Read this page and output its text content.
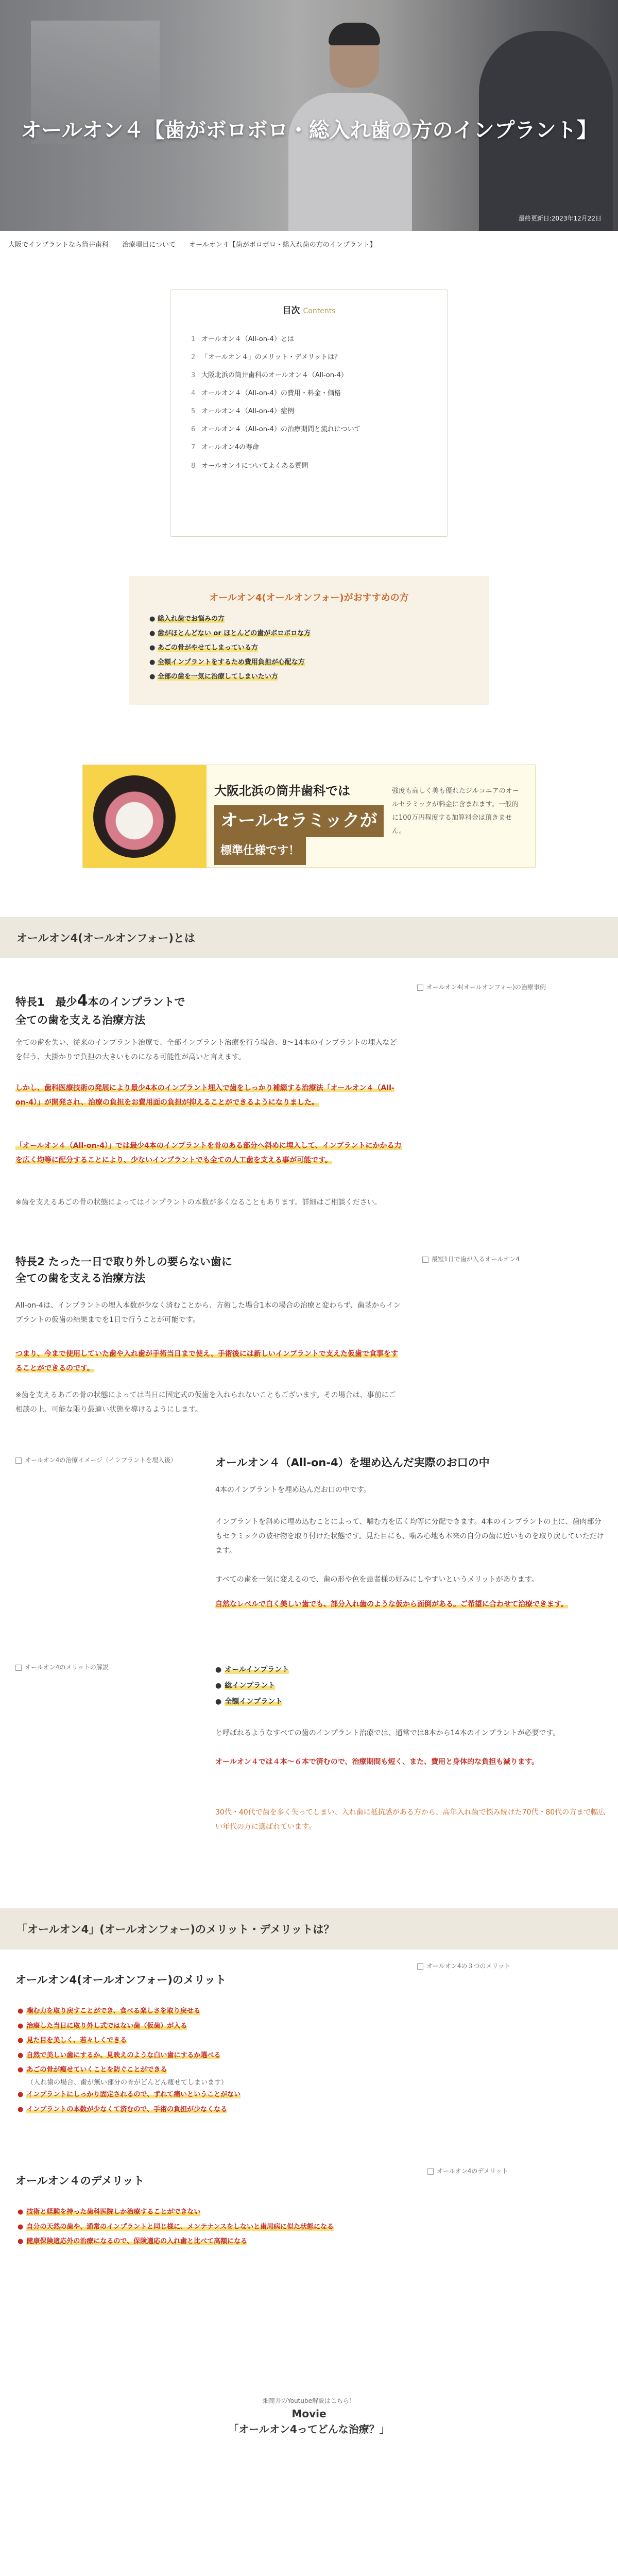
オールオン４【歯がボロボロ・総入れ歯の方のインプラント】
最終更新日:2023年12月22日
大阪でインプラントなら筒井歯科 治療項目について オールオン４【歯がボロボロ・総入れ歯の方のインプラント】
目次 Contents
1 オールオン４（All-on-4）とは
2 「オールオン４」のメリット・デメリットは？
3 大阪北浜の筒井歯科のオールオン４（All-on-4）
4 オールオン４（All-on-4）の費用・料金・価格
5 オールオン４（All-on-4）症例
6 オールオン４（All-on-4）の治療期間と流れについて
7 オールオン4の寿命
8 オールオン４についてよくある質問
オールオン4(オールオンフォー)がおすすめの方
● 総入れ歯でお悩みの方
● 歯がほとんどない or ほとんどの歯がボロボロな方
● あごの骨がやせてしまっている方
● 全額インプラントをするため費用負担が心配な方
● 全部の歯を一気に治療してしまいたい方
大阪北浜の筒井歯科では
オールセラミックが
標準仕様です！
強度も高しく美も優れたジルコニアのオールセラミックが料金に含まれます。一般的に100万円程度する加算料金は頂きません。
オールオン4(オールオンフォー)とは
特長1　最少4本のインプラントで
全ての歯を支える治療方法
オールオン4(オールオンフォー)の治療事例
全ての歯を失い、従来のインプラント治療で、全部インプラント治療を行う場合、8〜14本のインプラントの埋入などを伴う、大掛かりで負担の大きいものになる可能性が高いと言えます。
しかし、歯科医療技術の発展により最少4本のインプラント埋入で歯をしっかり補綴する治療法「オールオン４（All-on-4）」が開発され、治療の負担をお費用面の負担が抑えることができるようになりました。
「オールオン４（All-on-4）」では最少4本のインプラントを骨のある部分へ斜めに埋入して、インプラントにかかる力を広く均等に配分することにより、少ないインプラントでも全ての人工歯を支える事が可能です。
※歯を支えるあごの骨の状態によってはインプラントの本数が多くなることもあります。詳細はご相談ください。
特長2 たった一日で取り外しの要らない歯に
全ての歯を支える治療方法
最短1日で歯が入るオールオン4
All-on-4は、インプラントの埋入本数が少なく済むことから、方術した場合1本の場合の治療と変わらず、歯茎からインプラントの仮歯の結果までを1日で行うことが可能です。
つまり、今まで使用していた歯や入れ歯が手術当日まで使え、手術後には新しいインプラントで支えた仮歯で食事をすることができるのです。
※歯を支えるあごの骨の状態によっては当日に固定式の仮歯を入れられないこともございます。その場合は、事前にご相談の上、可能な限り最適い状態を導けるようにします。
オールオン4の治療イメージ（インプラントを埋入後）	オールオン４（All-on-4）を埋め込んだ実際のお口の中
4本のインプラントを埋め込んだお口の中です。
インプラントを斜めに埋め込むことによって、噛む力を広く均等に分配できます。4本のインプラントの上に、歯肉部分もセラミックの被せ物を取り付けた状態です。見た目にも、噛み心地も本来の自分の歯に近いものを取り戻していただけます。
すべての歯を一気に変えるので、歯の形や色を患者様の好みにしやすいというメリットがあります。
自然なレベルで白く美しい歯でも、部分入れ歯のような仮から面倒がある。ご希望に合わせて治療できます。
オールオン4のメリットの解説
●	オールインプラント
● 総インプラント
● 全額インプラント
と呼ばれるようなすべての歯のインプラント治療では、通常では8本から14本のインプラントが必要です。
オールオン４では４本〜６本で済むので、治療期間も短く、また、費用と身体的な負担も減ります。
30代・40代で歯を多く失ってしまい、入れ歯に抵抗感がある方から、高年入れ歯で悩み続けた70代・80代の方まで幅広い年代の方に選ばれています。
「オールオン4」(オールオンフォー)のメリット・デメリットは？
オールオン4(オールオンフォー)のメリット
オールオン4の３つのメリット
● 噛む力を取り戻すことができ、食べる楽しさを取り戻せる
● 治療した当日に取り外し式ではない歯（仮歯）が入る
● 見た目を美しく、若々しくできる
● 自然で美しい歯にするか、見映えのような白い歯にするか選べる
● あごの骨が痩せていくことを防ぐことができる
（入れ歯の場合、歯が無い部分の骨がどんどん痩せてしまいます）
● インプラントにしっかり固定されるので、ずれて痛いということがない
● インプラントの本数が少なくて済むので、手術の負担が少なくなる
オールオン４のデメリット
オールオン4のデメリット
● 技術と経験を持った歯科医院しか治療することができない
● 自分の天然の歯や、通常のインプラントと同じ様に、メンテナンスをしないと歯周病に似た状態になる
● 健康保険適応外の治療になるので、保険適応の入れ歯と比べて高額になる
畑筒井のYoutube解説はこちら！
Movie
「オールオン4ってどんな治療？」
